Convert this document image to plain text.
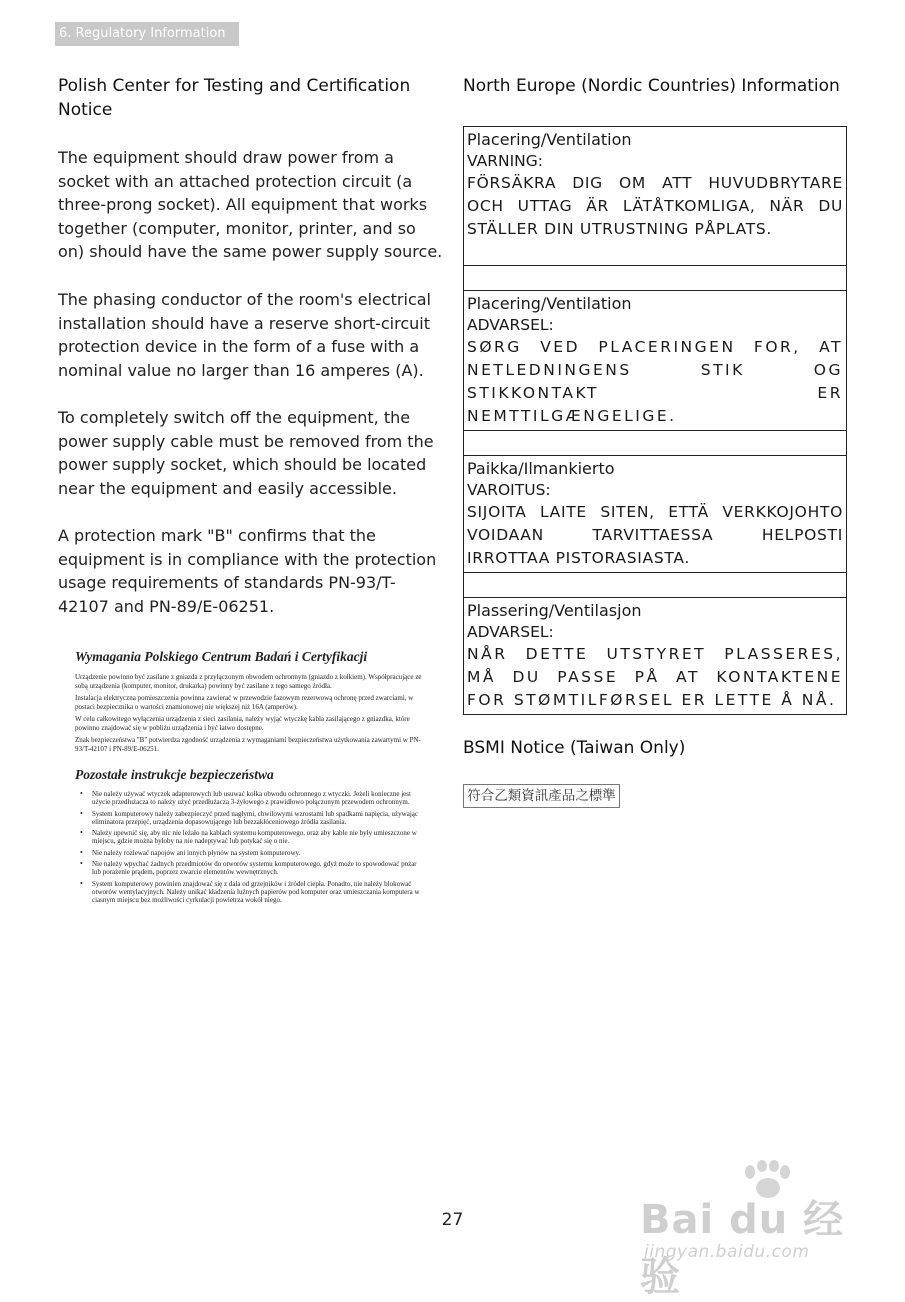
6. Regulatory Information
Polish Center for Testing and Certification Notice

The equipment should draw power from a socket with an attached protection circuit (a three-prong socket). All equipment that works together (computer, monitor, printer, and so on) should have the same power supply source.

The phasing conductor of the room's electrical installation should have a reserve short-circuit protection device in the form of a fuse with a nominal value no larger than 16 amperes (A).

To completely switch off the equipment, the power supply cable must be removed from the power supply socket, which should be located near the equipment and easily accessible.

A protection mark "B" confirms that the equipment is in compliance with the protection usage requirements of standards PN-93/T-42107 and PN-89/E-06251.

Wymagania Polskiego Centrum Badań i Certyfikacji
Urządzenie powinno być zasilane z gniazda z przyłączonym obwodem ochronnym (gniazdo z kołkiem). Współpracujące ze sobą urządzenia (komputer, monitor, drukarka) powinny być zasilane z tego samego źródła.
Instalacja elektryczna pomieszczenia powinna zawierać w przewodzie fazowym rezerwową ochronę przed zwarciami, w postaci bezpiecznika o wartości znamionowej nie większej niż 16A (amperów).
W celu całkowitego wyłączenia urządzenia z sieci zasilania, należy wyjąć wtyczkę kabla zasilającego z gniazdka, które powinno znajdować się w pobliżu urządzenia i być łatwo dostępne.
Znak bezpieczeństwa "B" potwierdza zgodność urządzenia z wymaganiami bezpieczeństwa użytkowania zawartymi w PN-93/T-42107 i PN-89/E-06251.
Pozostałe instrukcje bezpieczeństwa
• Nie należy używać wtyczek adapterowych lub usuwać kołka obwodu ochronnego z wtyczki. Jeżeli konieczne jest użycie przedłużacza to należy użyć przedłużacza 3-żyłowego z prawidłowo połączonym przewodem ochronnym.
• System komputerowy należy zabezpieczyć przed nagłymi, chwilowymi wzrostami lub spadkami napięcia, używając eliminatora przepięć, urządzenia dopasowującego lub bezzakłóceniowego źródła zasilania.
• Należy upewnić się, aby nic nie leżało na kablach systemu komputerowego, oraz aby kable nie były umieszczone w miejscu, gdzie można byłoby na nie nadeptywać lub potykać się o nie.
• Nie należy rozlewać napojów ani innych płynów na system komputerowy.
• Nie należy wpychać żadnych przedmiotów do otworów systemu komputerowego, gdyż może to spowodować pożar lub porażenie prądem, poprzez zwarcie elementów wewnętrznych.
• System komputerowy powinien znajdować się z dala od grzejników i źródeł ciepła. Ponadto, nie należy blokować otworów wentylacyjnych. Należy unikać kładzenia luźnych papierów pod komputer oraz umieszczania komputera w ciasnym miejscu bez możliwości cyrkulacji powietrza wokół niego.
North Europe (Nordic Countries) Information
Placering/Ventilation
VARNING:
FÖRSÄKRA DIG OM ATT HUVUDBRYTARE OCH UTTAG ÄR LÄTÅTKOMLIGA, NÄR DU STÄLLER DIN UTRUSTNING PÅPLATS.
Placering/Ventilation
ADVARSEL:
SØRG VED PLACERINGEN FOR, AT NETLEDNINGENS STIK OG STIKKONTAKT ER NEMTTILGÆNGELIGE.
Paikka/Ilmankierto
VAROITUS:
SIJOITA LAITE SITEN, ETTÄ VERKKOJOHTO VOIDAAN TARVITTAESSA HELPOSTI IRROTTAA PISTORASIASTA.
Plassering/Ventilasjon
ADVARSEL:
NÅR DETTE UTSTYRET PLASSERES, MÅ DU PASSE PÅ AT KONTAKTENE FOR STØMTILFØRSEL ER LETTE Å NÅ.
BSMI Notice (Taiwan Only)
符合乙類資訊產品之標準
27	Bai du 经验
jingyan.baidu.com
